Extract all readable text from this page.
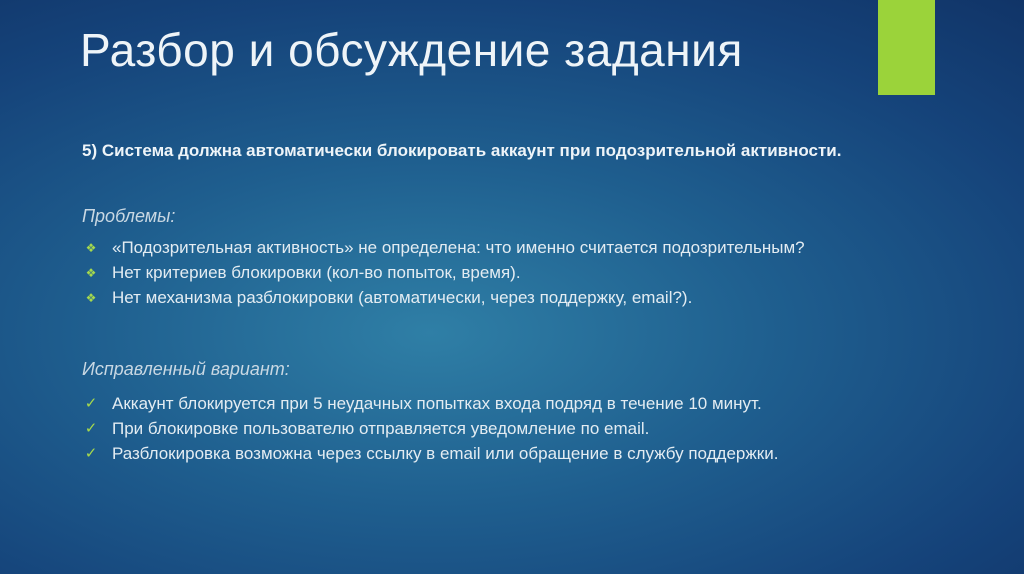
Разбор и обсуждение задания

5) Система должна автоматически блокировать аккаунт при подозрительной активности.

Проблемы:

❖ «Подозрительная активность» не определена: что именно считается подозрительным?
❖ Нет критериев блокировки (кол-во попыток, время).
❖ Нет механизма разблокировки (автоматически, через поддержку, email?).

Исправленный вариант:

✓ Аккаунт блокируется при 5 неудачных попытках входа подряд в течение 10 минут.
✓ При блокировке пользователю отправляется уведомление по email.
✓ Разблокировка возможна через ссылку в email или обращение в службу поддержки.
